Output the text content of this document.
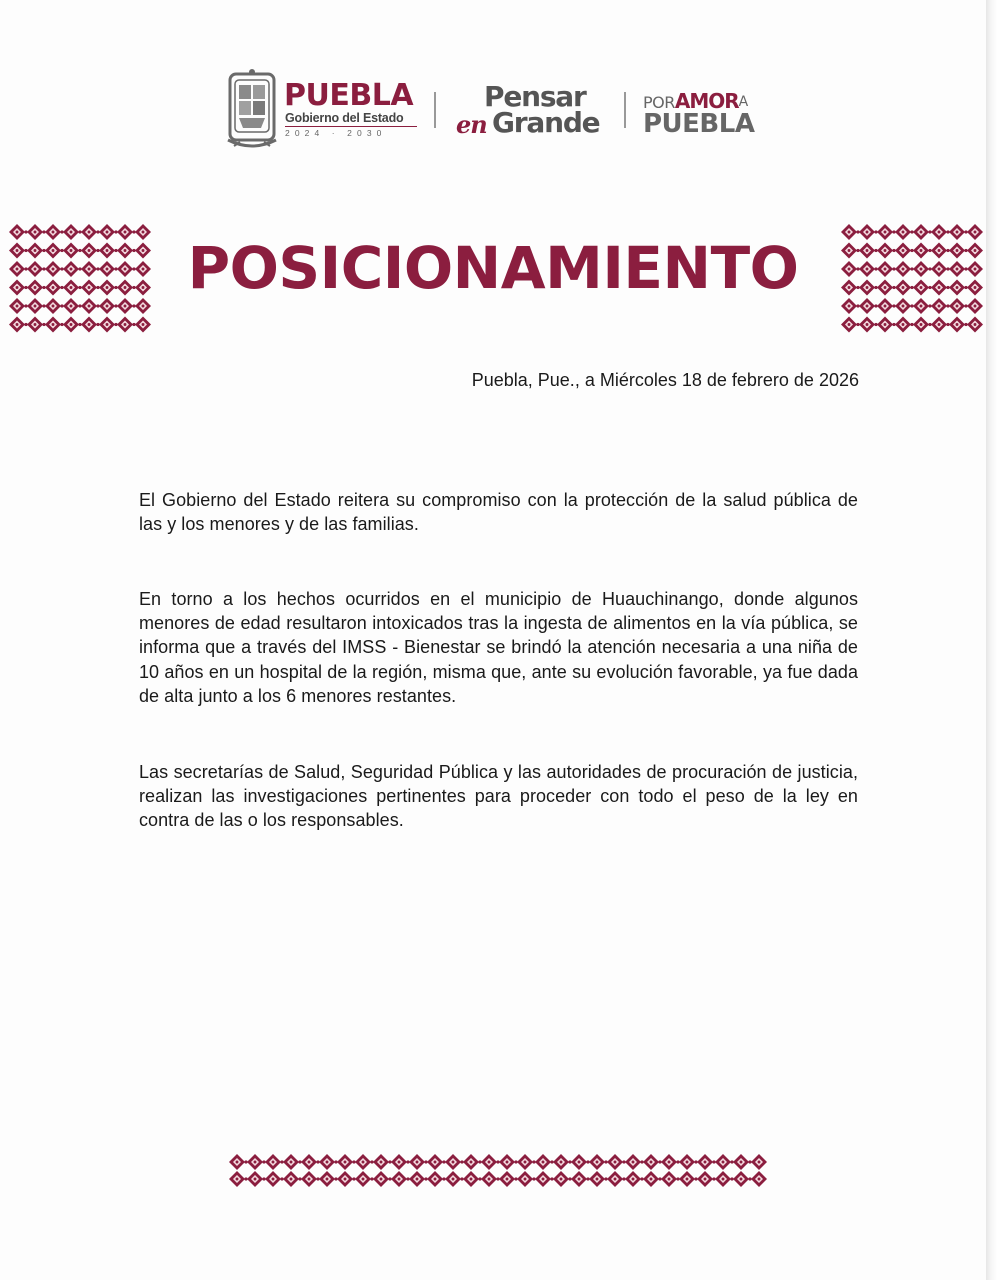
PUEBLA
Gobierno del Estado
2024 · 2030
Pensar
en Grande
PORAMORA
PUEBLA
POSICIONAMIENTO
Puebla, Pue., a Miércoles 18 de febrero de 2026

El Gobierno del Estado reitera su compromiso con la protección de la salud pública de las y los menores y de las familias.

En torno a los hechos ocurridos en el municipio de Huauchinango, donde algunos menores de edad resultaron intoxicados tras la ingesta de alimentos en la vía pública, se informa que a través del IMSS - Bienestar se brindó la atención necesaria a una niña de 10 años en un hospital de la región, misma que, ante su evolución favorable, ya fue dada de alta junto a los 6 menores restantes.

Las secretarías de Salud, Seguridad Pública y las autoridades de procuración de justicia, realizan las investigaciones pertinentes para proceder con todo el peso de la ley en contra de las o los responsables.
